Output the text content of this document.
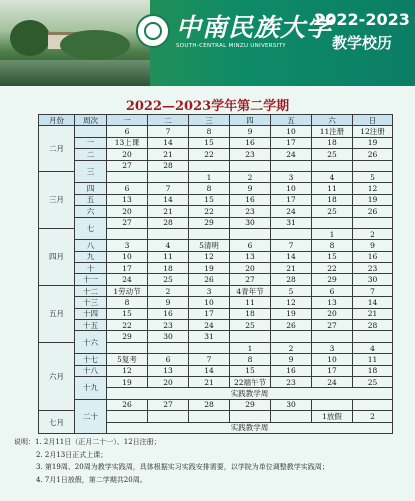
中南民族大学
SOUTH-CENTRAL MINZU UNIVERSITY
2022-2023
教学校历
2022—2023学年第二学期
月份	周次	一	二	三	四	五	六	日
二月		6	7	8	9	10	11注册	12注册
	一	13上课	14	15	16	17	18	19
	二	20	21	22	23	24	25	26
	三	27	28					
三月				1	2	3	4	5
	四	6	7	8	9	10	11	12
	五	13	14	15	16	17	18	19
	六	20	21	22	23	24	25	26
	七	27	28	29	30	31		
四月							1	2
	八	3	4	5清明	6	7	8	9
	九	10	11	12	13	14	15	16
	十	17	18	19	20	21	22	23
	十一	24	25	26	27	28	29	30
五月	十二	1劳动节	2	3	4青年节	5	6	7
	十三	8	9	10	11	12	13	14
	十四	15	16	17	18	19	20	21
	十五	22	23	24	25	26	27	28
	十六	29	30	31				
六月					1	2	3	4
	十七	5复考	6	7	8	9	10	11
	十八	12	13	14	15	16	17	18
	十九	19	20	21	22端午节	23	24	25
		实践教学周						
	二十	26	27	28	29	30		
七月							1放假	2
		实践教学周						
说明：1. 2月11日（正月二十一）、12日注册；
2. 2月13日正式上课；
3. 第19周、20周为教学实践周，具体根据实习实践安排需要，以学院为单位调整教学实践周；
4. 7月1日放假，第二学期共20周。
